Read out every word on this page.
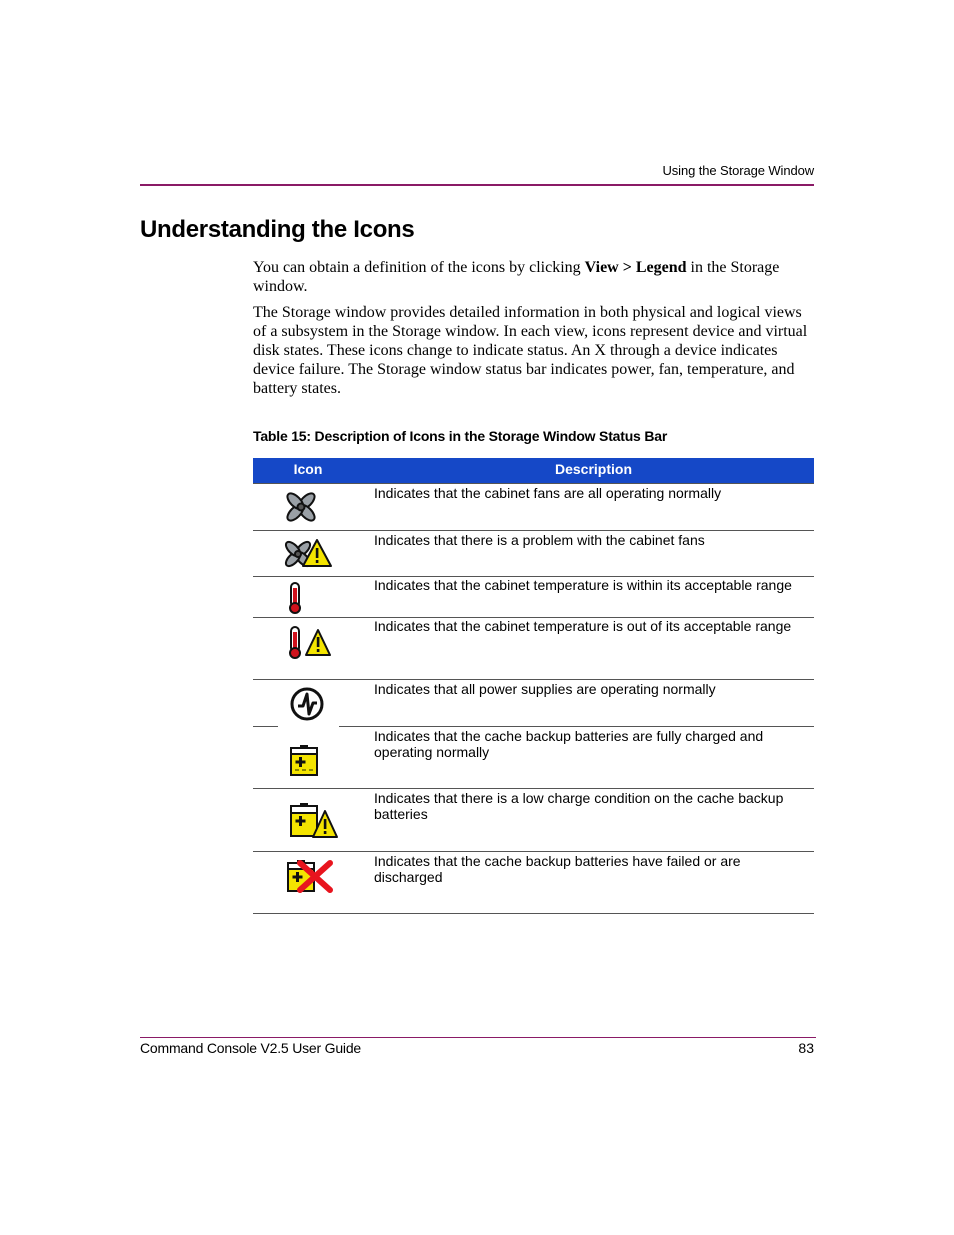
Using the Storage Window
Understanding the Icons

You can obtain a definition of the icons by clicking View > Legend in the Storage window.

The Storage window provides detailed information in both physical and logical views of a subsystem in the Storage window. In each view, icons represent device and virtual disk states. These icons change to indicate status. An X through a device indicates device failure. The Storage window status bar indicates power, fan, temperature, and battery states.

Table 15: Description of Icons in the Storage Window Status Bar
Icon	Description
Indicates that the cabinet fans are all operating normally
Indicates that there is a problem with the cabinet fans
Indicates that the cabinet temperature is within its acceptable range
Indicates that the cabinet temperature is out of its acceptable range
Indicates that all power supplies are operating normally
Indicates that the cache backup batteries are fully charged and operating normally
Indicates that there is a low charge condition on the cache backup batteries
Indicates that the cache backup batteries have failed or are discharged
Command Console V2.5 User Guide	83
